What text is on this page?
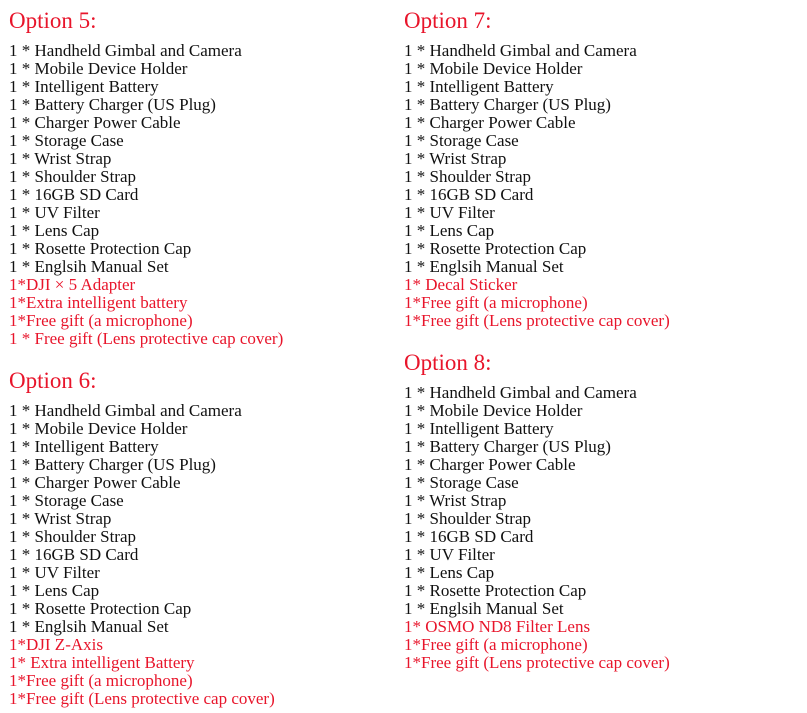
Option 5:
1 * Handheld Gimbal and Camera
1 * Mobile Device Holder
1 * Intelligent Battery
1 * Battery Charger (US Plug)
1 * Charger Power Cable
1 * Storage Case
1 * Wrist Strap
1 * Shoulder Strap
1 * 16GB SD Card
1 * UV Filter
1 * Lens Cap
1 * Rosette Protection Cap
1 * Englsih Manual Set
1*DJI × 5 Adapter
1*Extra intelligent battery
1*Free gift (a microphone)
1 * Free gift (Lens protective cap cover)
Option 7:
1 * Handheld Gimbal and Camera
1 * Mobile Device Holder
1 * Intelligent Battery
1 * Battery Charger (US Plug)
1 * Charger Power Cable
1 * Storage Case
1 * Wrist Strap
1 * Shoulder Strap
1 * 16GB SD Card
1 * UV Filter
1 * Lens Cap
1 * Rosette Protection Cap
1 * Englsih Manual Set
1* Decal Sticker
1*Free gift (a microphone)
1*Free gift (Lens protective cap cover)
Option 6:
1 * Handheld Gimbal and Camera
1 * Mobile Device Holder
1 * Intelligent Battery
1 * Battery Charger (US Plug)
1 * Charger Power Cable
1 * Storage Case
1 * Wrist Strap
1 * Shoulder Strap
1 * 16GB SD Card
1 * UV Filter
1 * Lens Cap
1 * Rosette Protection Cap
1 * Englsih Manual Set
1*DJI Z-Axis
1* Extra intelligent Battery
1*Free gift (a microphone)
1*Free gift (Lens protective cap cover)
Option 8:
1 * Handheld Gimbal and Camera
1 * Mobile Device Holder
1 * Intelligent Battery
1 * Battery Charger (US Plug)
1 * Charger Power Cable
1 * Storage Case
1 * Wrist Strap
1 * Shoulder Strap
1 * 16GB SD Card
1 * UV Filter
1 * Lens Cap
1 * Rosette Protection Cap
1 * Englsih Manual Set
1* OSMO ND8 Filter Lens
1*Free gift (a microphone)
1*Free gift (Lens protective cap cover)
